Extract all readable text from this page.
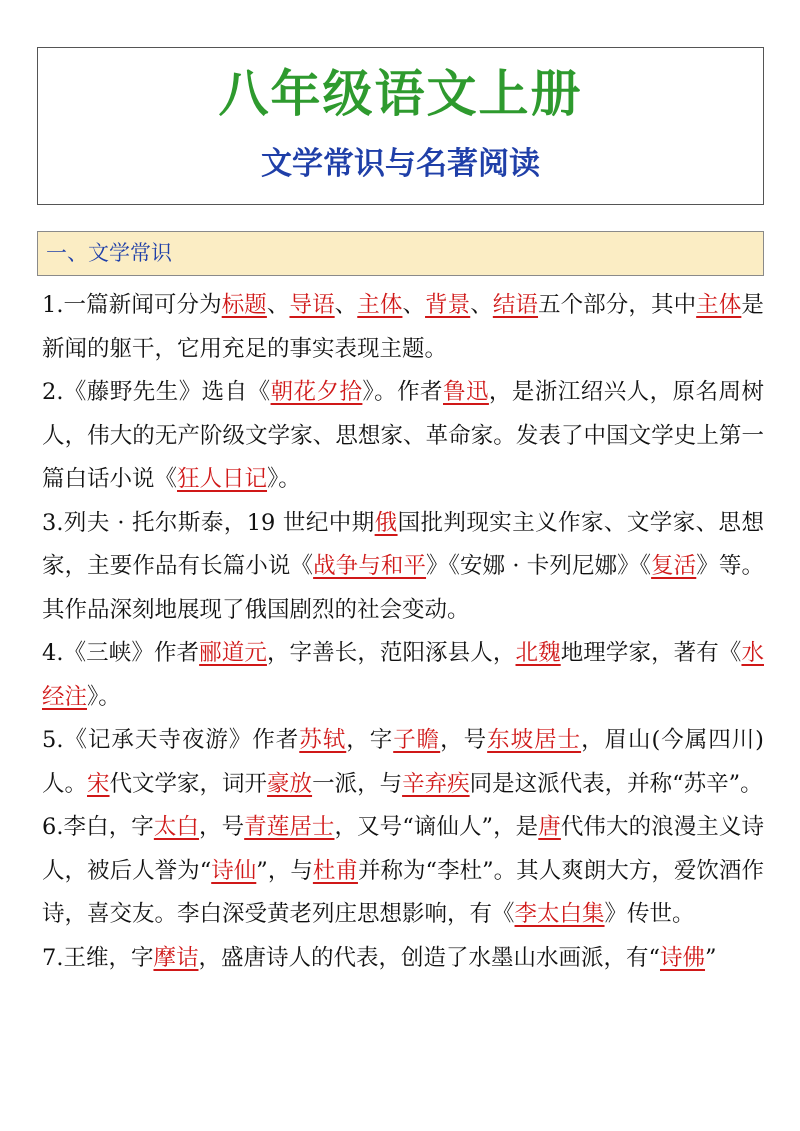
八年级语文上册
文学常识与名著阅读
一、文学常识

1.一篇新闻可分为标题、导语、主体、背景、结语五个部分，其中主体是新闻的躯干，它用充足的事实表现主题。

2.《藤野先生》选自《朝花夕拾》。作者鲁迅，是浙江绍兴人，原名周树人，伟大的无产阶级文学家、思想家、革命家。发表了中国文学史上第一篇白话小说《狂人日记》。

3.列夫 · 托尔斯泰，19 世纪中期俄国批判现实主义作家、文学家、思想家，主要作品有长篇小说《战争与和平》《安娜 · 卡列尼娜》《复活》等。其作品深刻地展现了俄国剧烈的社会变动。

4.《三峡》作者郦道元，字善长，范阳涿县人，北魏地理学家，著有《水经注》。

5.《记承天寺夜游》作者苏轼，字子瞻，号东坡居士，眉山(今属四川)人。宋代文学家，词开豪放一派，与辛弃疾同是这派代表，并称“苏辛”。

6.李白，字太白，号青莲居士，又号“谪仙人”，是唐代伟大的浪漫主义诗人，被后人誉为“诗仙”，与杜甫并称为“李杜”。其人爽朗大方，爱饮酒作诗，喜交友。李白深受黄老列庄思想影响，有《李太白集》传世。

7.王维，字摩诘，盛唐诗人的代表，创造了水墨山水画派，有“诗佛”
